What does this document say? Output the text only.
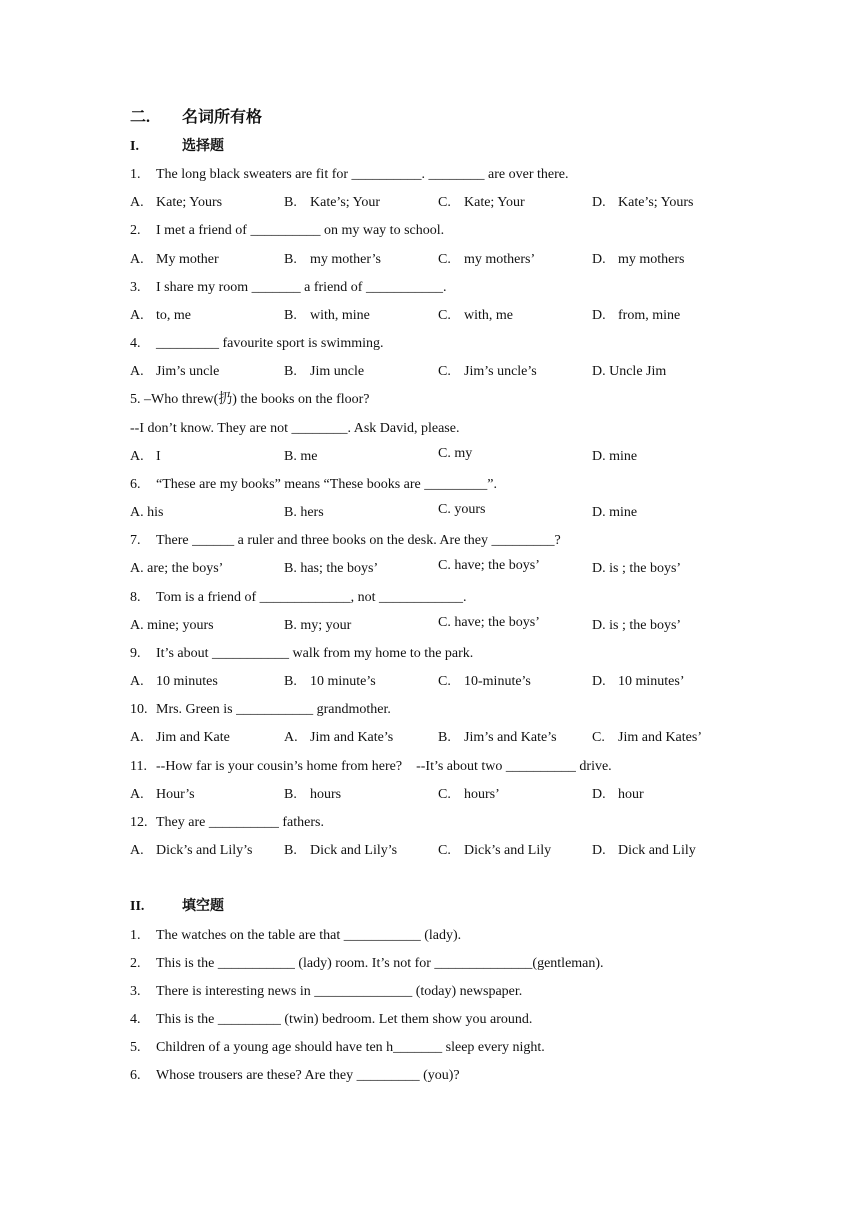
二. 名词所有格
I.	选择题
1. The long black sweaters are fit for __________. ________ are over there.

A. Kate; Yours

	B. Kate’s; Your

	C. Kate; Your

	D. Kate’s; Yours

2. I met a friend of __________ on my way to school.

A. My mother

	B. my mother’s

	C. my mothers’

	D. my mothers

3. I share my room _______ a friend of ___________.

A. to, me

	B. with, mine

	C. with, me

	D. from, mine

4. _________ favourite sport is swimming.

A. Jim’s uncle

	B. Jim uncle

	C. Jim’s uncle’s

	D. Uncle Jim

5. –Who threw(扔) the books on the floor?
--I don’t know. They are not ________. Ask David, please.

A. I

	B. me

	C. my

	D. mine

6. “These are my books” means “These books are _________”.

A. his

	B. hers

	C. yours

	D. mine

7. There ______ a ruler and three books on the desk. Are they _________?

A. are; the boys’

	B. has; the boys’

	C. have; the boys’

	D. is ; the boys’

8. Tom is a friend of _____________, not ____________.

A. mine; yours

	B. my; your

	C. have; the boys’

	D. is ; the boys’

9. It’s about ___________ walk from my home to the park.

A. 10 minutes

	B. 10 minute’s

	C. 10-minute’s

	D. 10 minutes’

10. Mrs. Green is ___________ grandmother.

A. Jim and Kate

	A. Jim and Kate’s

	B. Jim’s and Kate’s

	C. Jim and Kates’

11. --How far is your cousin’s home from here?    --It’s about two __________ drive.

A. Hour’s

	B. hours

	C. hours’

	D. hour

12. They are __________ fathers.

A. Dick’s and Lily’s

B. Dick and Lily’s

	C. Dick’s and Lily

	D. Dick and Lily

II.	填空题
1. The watches on the table are that ___________ (lady).
2. This is the ___________ (lady) room. It’s not for ______________(gentleman).
3. There is interesting news in ______________ (today) newspaper.
4. This is the _________ (twin) bedroom. Let them show you around.
5. Children of a young age should have ten h_______ sleep every night.
6. Whose trousers are these? Are they _________ (you)?
